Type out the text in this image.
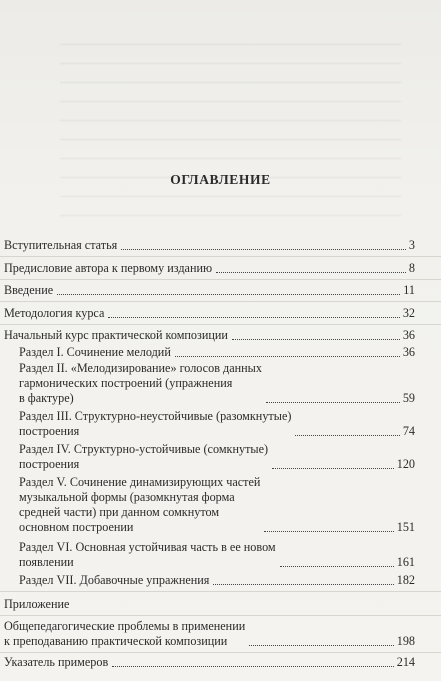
ОГЛАВЛЕНИЕ
Вступительная статья	3
Предисловие автора к первому изданию	8
Введение	11
Методология курса	32
Начальный курс практической композиции	36
Раздел I. Сочинение мелодий	36
Раздел II. «Мелодизирование» голосов данных
гармонических построений (упражнения
в фактуре)	59
Раздел III. Структурно-неустойчивые (разомкнутые)
построения	74
Раздел IV. Структурно-устойчивые (сомкнутые)
построения	120
Раздел V. Сочинение динамизирующих частей
музыкальной формы (разомкнутая форма
средней части) при данном сомкнутом
основном построении	151
Раздел VI. Основная устойчивая часть в ее новом
появлении	161
Раздел VII. Добавочные упражнения	182
Приложение
Общепедагогические проблемы в применении
к преподаванию практической композиции	198
Указатель примеров	214
